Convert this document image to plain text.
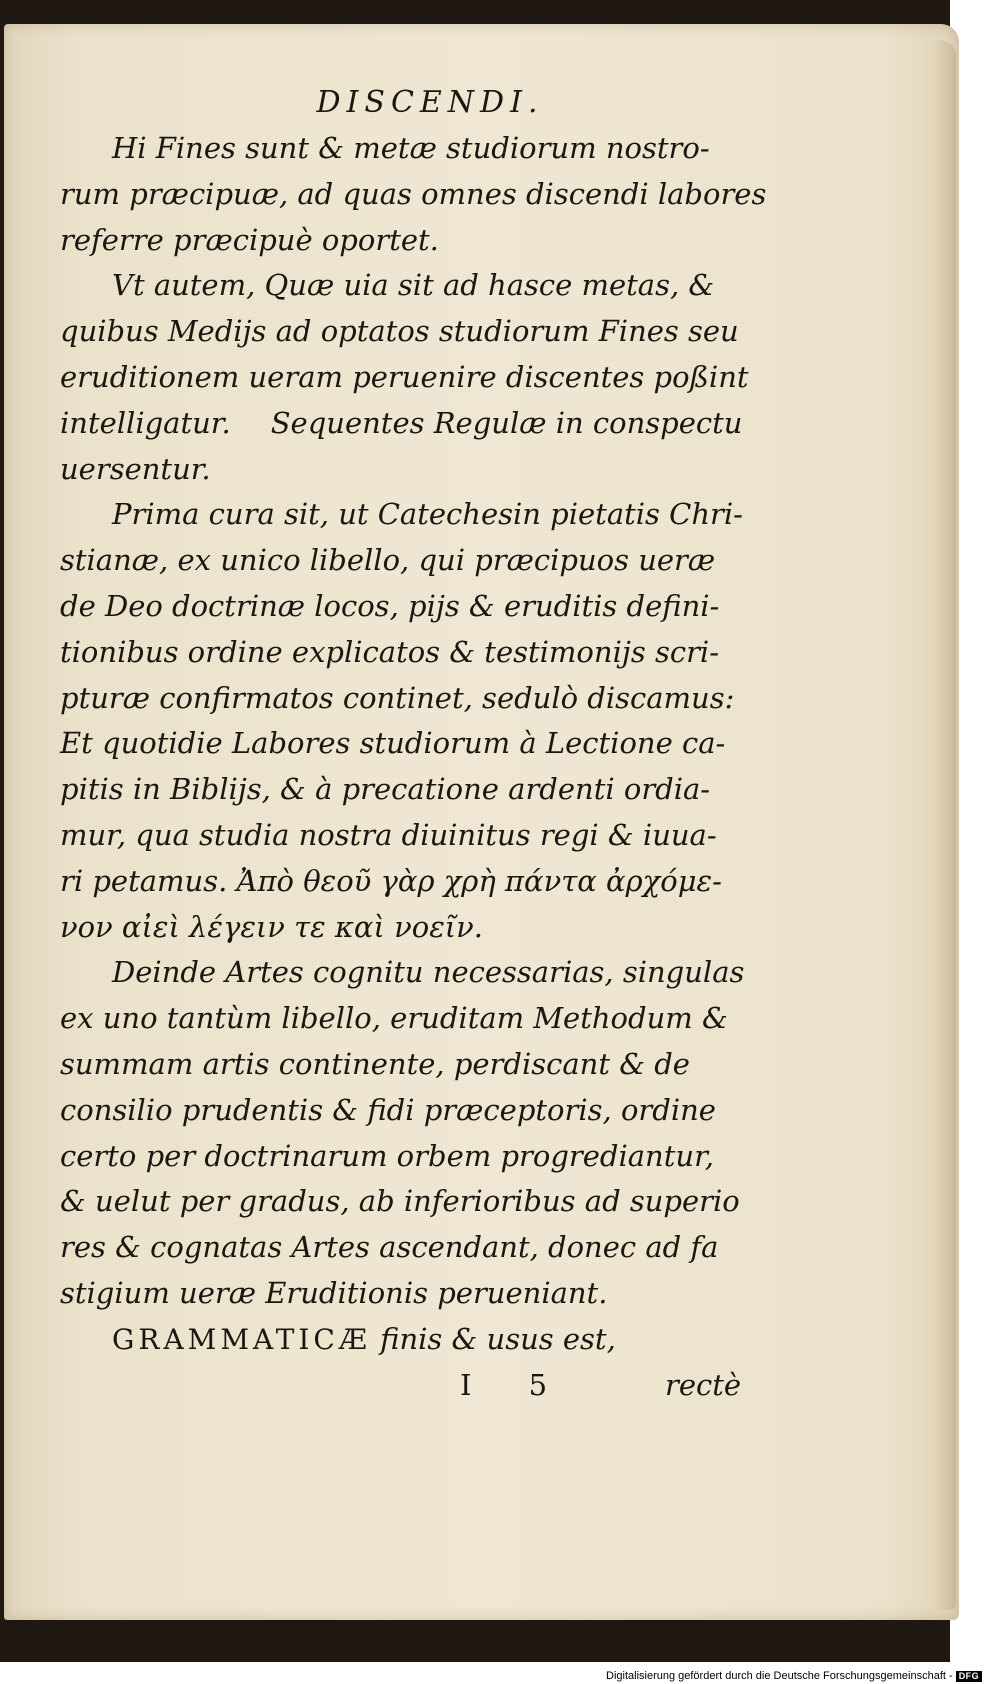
DISCENDI.
Hi Fines sunt & metæ studiorum nostro-
rum præcipuæ, ad quas omnes discendi labores
referre præcipuè oportet.
Vt autem, Quæ uia sit ad hasce metas, &
quibus Medijs ad optatos studiorum Fines seu
eruditionem ueram peruenire discentes poßint
intelligatur. Sequentes Regulæ in conspectu
uersentur.
Prima cura sit, ut Catechesin pietatis Chri-
stianæ, ex unico libello, qui præcipuos ueræ
de Deo doctrinæ locos, pijs & eruditis defini-
tionibus ordine explicatos & testimonijs scri-
pturæ confirmatos continet, sedulò discamus:
Et quotidie Labores studiorum à Lectione ca-
pitis in Biblijs, & à precatione ardenti ordia-
mur, qua studia nostra diuinitus regi & iuua-
ri petamus. Ἀπὸ θεοῦ γὰρ χρὴ πάντα ἀρχόμε-
νον αἰεὶ λέγειν τε καὶ νοεῖν.
Deinde Artes cognitu necessarias, singulas
ex uno tantùm libello, eruditam Methodum &
summam artis continente, perdiscant & de
consilio prudentis & fidi præceptoris, ordine
certo per doctrinarum orbem progrediantur,
& uelut per gradus, ab inferioribus ad superio
res & cognatas Artes ascendant, donec ad fa
stigium ueræ Eruditionis perueniant.
GRAMMATICÆ finis & usus est,
I 5	rectè
Digitalisierung gefördert durch die Deutsche Forschungsgemeinschaft - DFG
